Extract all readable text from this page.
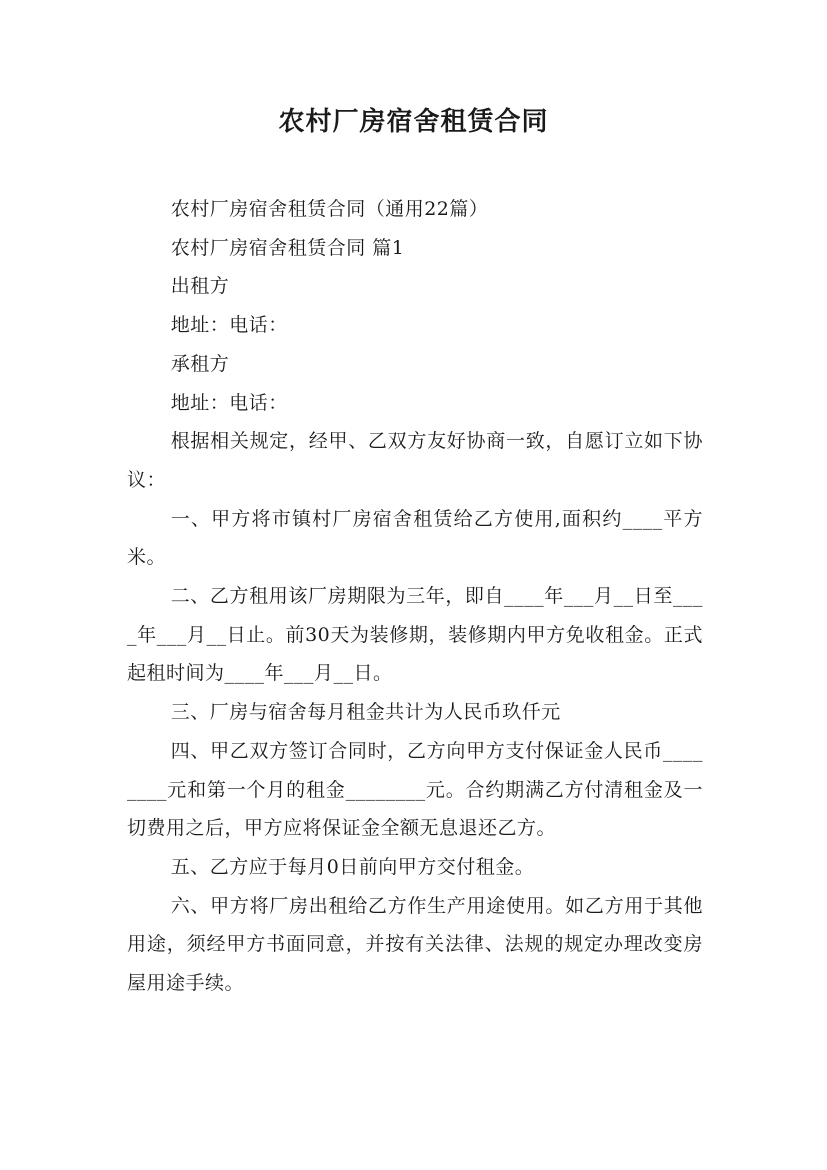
农村厂房宿舍租赁合同

农村厂房宿舍租赁合同（通用22篇）

农村厂房宿舍租赁合同 篇1

出租方

地址：电话：

承租方

地址：电话：

根据相关规定，经甲、乙双方友好协商一致，自愿订立如下协议：

一、甲方将市镇村厂房宿舍租赁给乙方使用,面积约____平方米。

二、乙方租用该厂房期限为三年，即自____年___月__日至____年___月__日止。前30天为装修期，装修期内甲方免收租金。正式起租时间为____年___月__日。

三、厂房与宿舍每月租金共计为人民币玖仟元

四、甲乙双方签订合同时，乙方向甲方支付保证金人民币________元和第一个月的租金________元。合约期满乙方付清租金及一切费用之后，甲方应将保证金全额无息退还乙方。

五、乙方应于每月0日前向甲方交付租金。

六、甲方将厂房出租给乙方作生产用途使用。如乙方用于其他用途，须经甲方书面同意，并按有关法律、法规的规定办理改变房屋用途手续。
